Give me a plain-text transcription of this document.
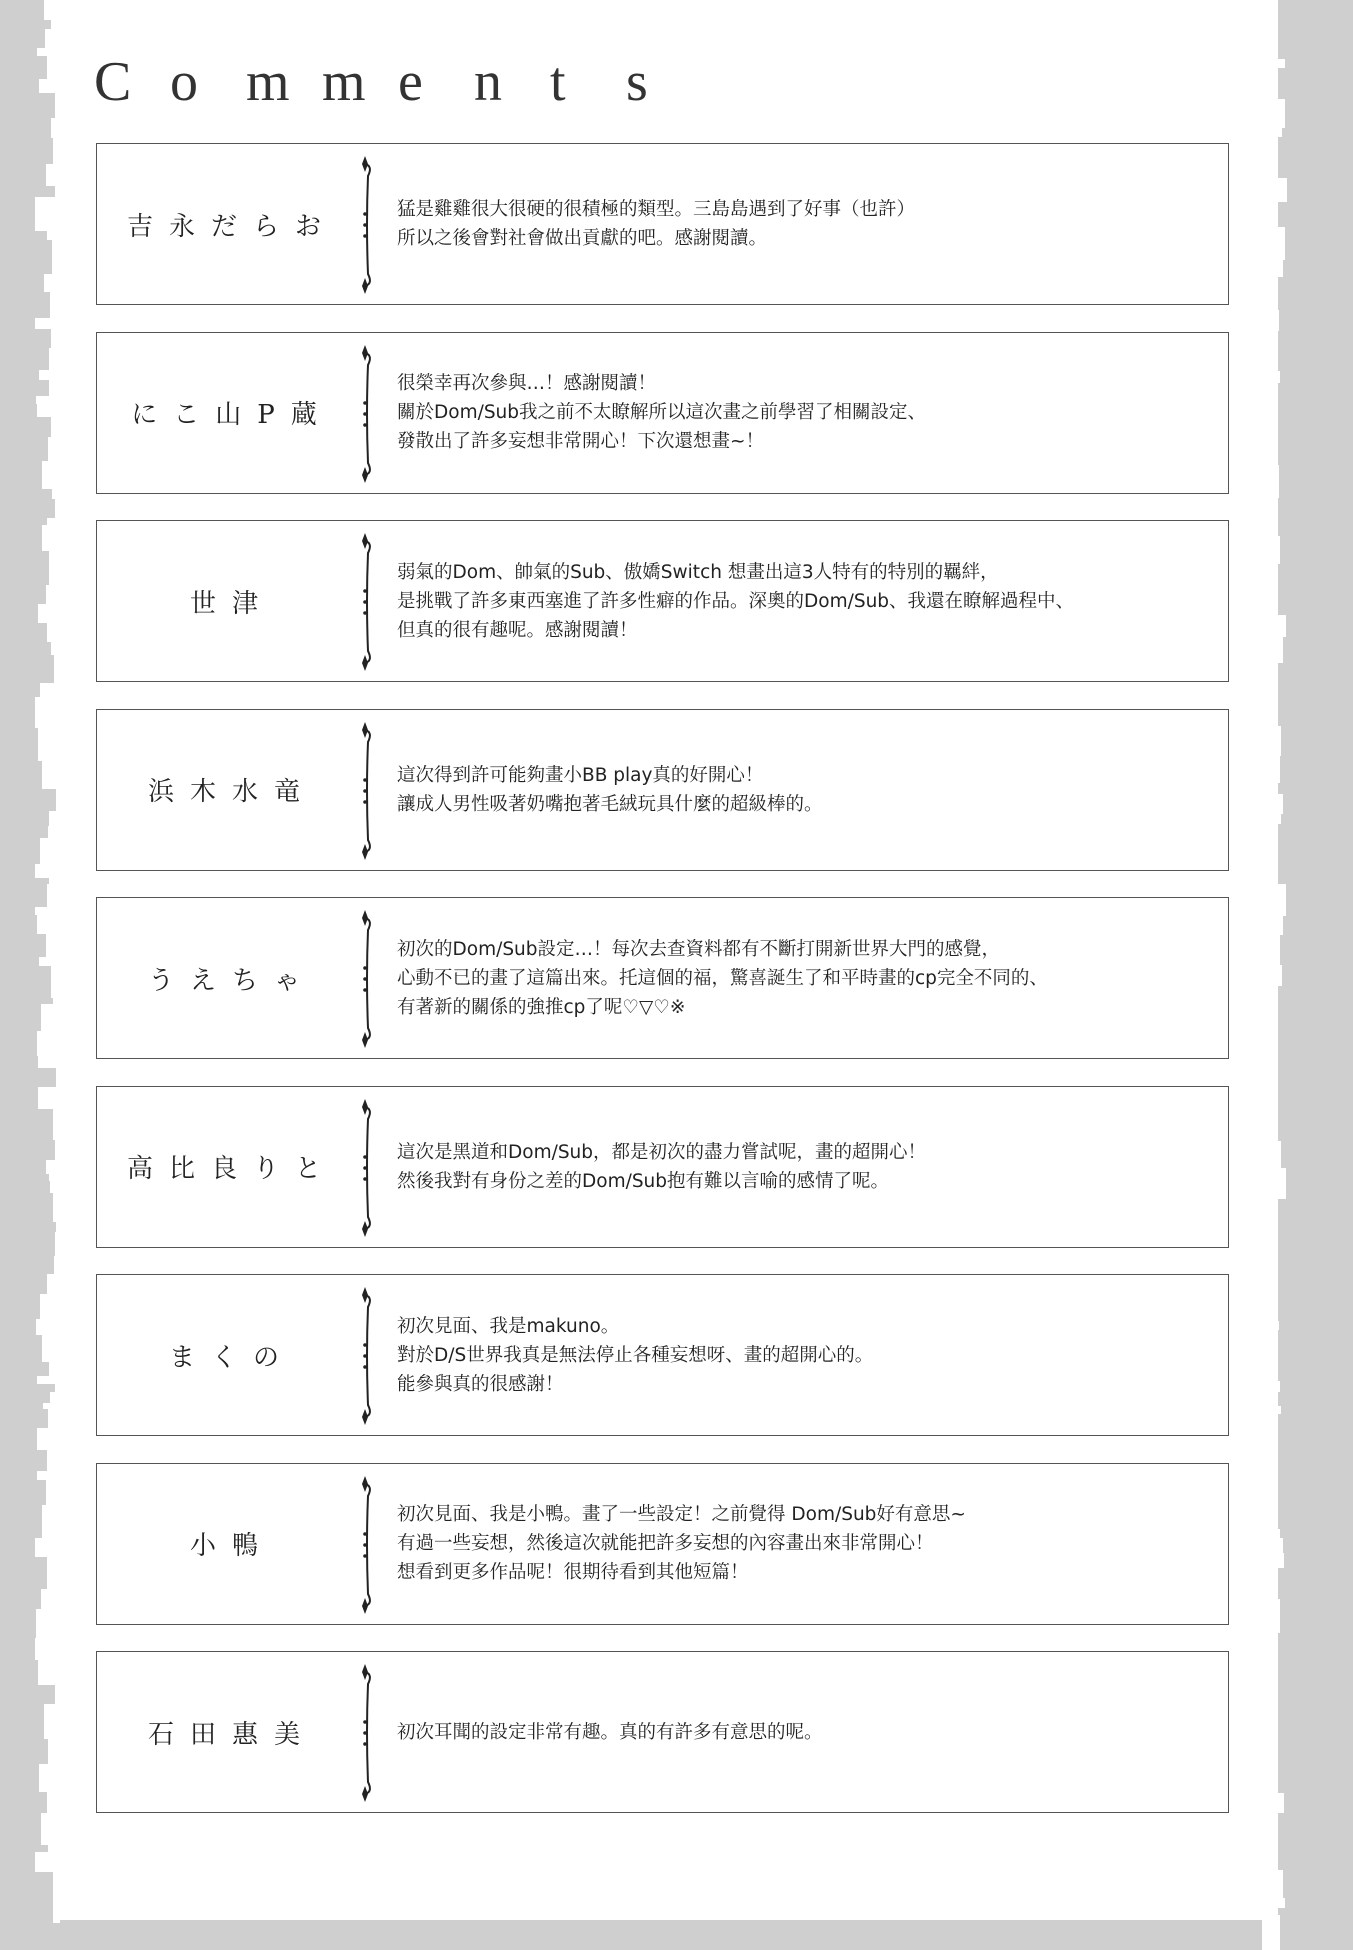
C o m m e n t	s
吉永だらお
猛是雞雞很大很硬的很積極的類型。三島島遇到了好事（也許）
所以之後會對社會做出貢獻的吧。感謝閱讀。
にこ山P蔵
很榮幸再次參與…！感謝閱讀！
關於Dom/Sub我之前不太瞭解所以這次畫之前學習了相關設定、
發散出了許多妄想非常開心！下次還想畫~！
世津
弱氣的Dom、帥氣的Sub、傲嬌Switch 想畫出這3人特有的特別的羈絆，
是挑戰了許多東西塞進了許多性癖的作品。深奧的Dom/Sub、我還在瞭解過程中、
但真的很有趣呢。感謝閱讀！
浜木水竜
這次得到許可能夠畫小BB play真的好開心！
讓成人男性吸著奶嘴抱著毛絨玩具什麼的超級棒的。
うえちゃ
初次的Dom/Sub設定…！每次去查資料都有不斷打開新世界大門的感覺，
心動不已的畫了這篇出來。托這個的福，驚喜誕生了和平時畫的cp完全不同的、
有著新的關係的強推cp了呢♡▽♡※
高比良りと
這次是黑道和Dom/Sub，都是初次的盡力嘗試呢，畫的超開心！
然後我對有身份之差的Dom/Sub抱有難以言喻的感情了呢。
まくの
初次見面、我是makuno。
對於D/S世界我真是無法停止各種妄想呀、畫的超開心的。
能參與真的很感謝！
小鴨
初次見面、我是小鴨。畫了一些設定！之前覺得 Dom/Sub好有意思~
有過一些妄想，然後這次就能把許多妄想的內容畫出來非常開心！
想看到更多作品呢！很期待看到其他短篇！
石田惠美	初次耳聞的設定非常有趣。真的有許多有意思的呢。
